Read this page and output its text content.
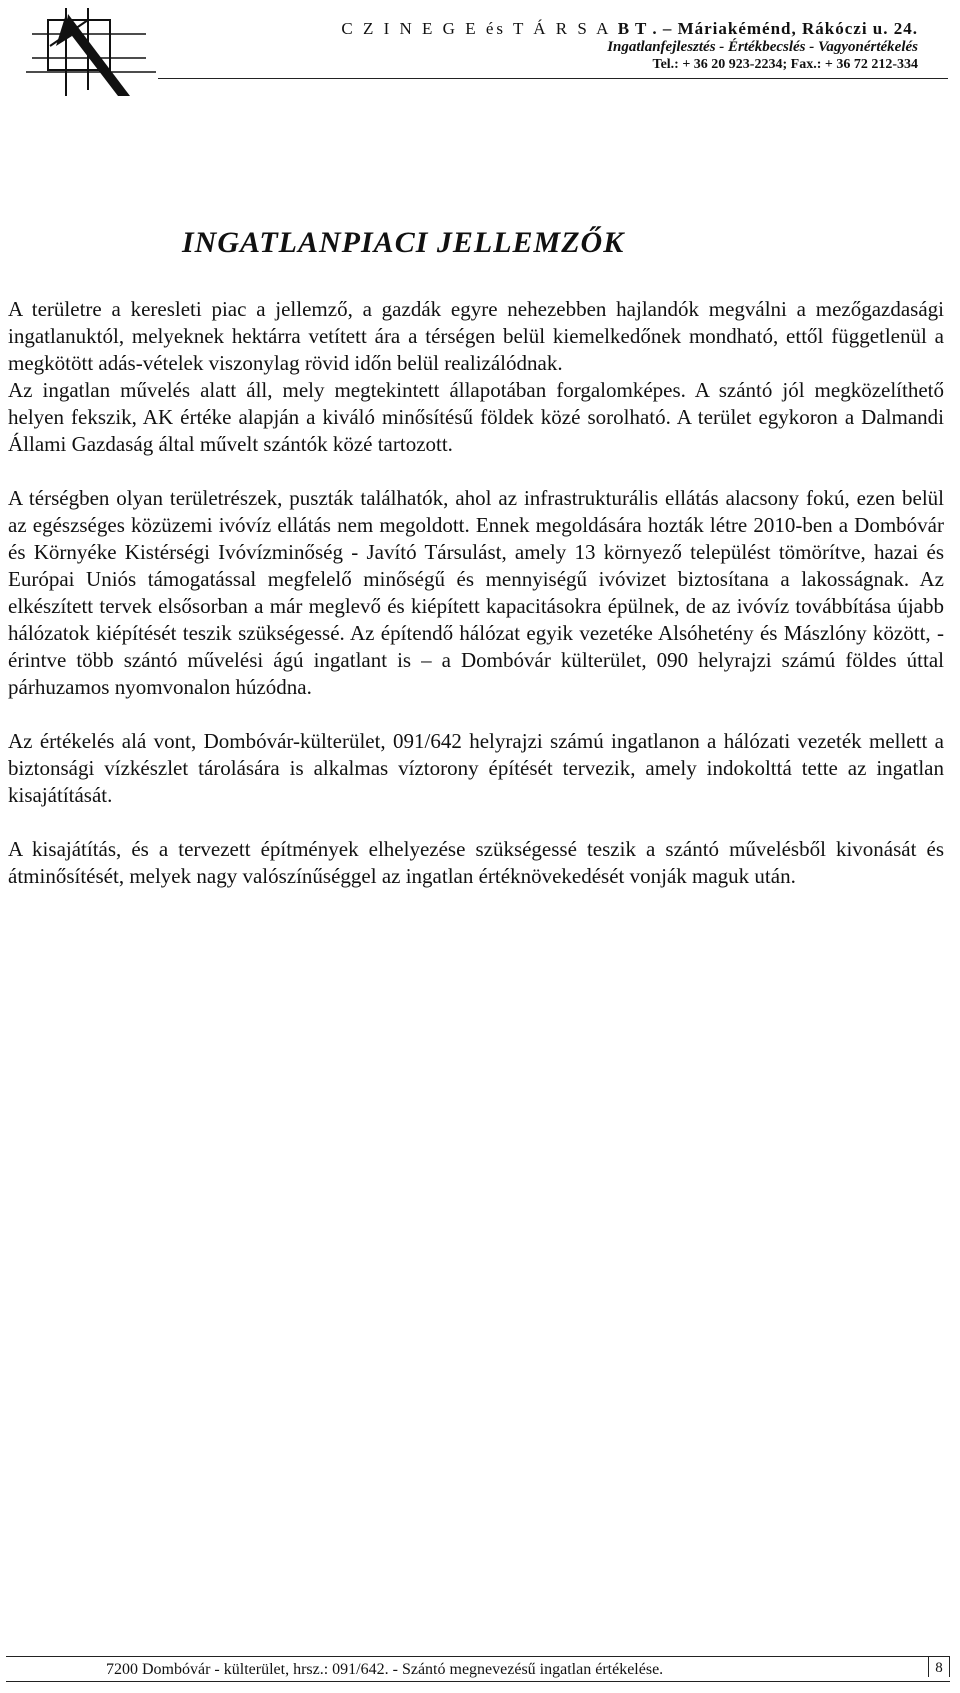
C Z I N E G E és T Á R S A B T . – Máriakéménd, Rákóczi u. 24.
Ingatlanfejlesztés - Értékbecslés - Vagyonértékelés
Tel.: + 36 20 923-2234; Fax.: + 36 72 212-334
INGATLANPIACI JELLEMZŐK

A területre a keresleti piac a jellemző, a gazdák egyre nehezebben hajlandók megválni a mezőgazdasági ingatlanuktól, melyeknek hektárra vetített ára a térségen belül kiemelkedőnek mondható, ettől függetlenül a megkötött adás-vételek viszonylag rövid időn belül realizálódnak.

Az ingatlan művelés alatt áll, mely megtekintett állapotában forgalomképes. A szántó jól megközelíthető helyen fekszik, AK értéke alapján a kiváló minősítésű földek közé sorolható. A terület egykoron a Dalmandi Állami Gazdaság által művelt szántók közé tartozott.

A térségben olyan területrészek, puszták találhatók, ahol az infrastrukturális ellátás alacsony fokú, ezen belül az egészséges közüzemi ivóvíz ellátás nem megoldott. Ennek megoldására hozták létre 2010-ben a Dombóvár és Környéke Kistérségi Ivóvízminőség - Javító Társulást, amely 13 környező települést tömörítve, hazai és Európai Uniós támogatással megfelelő minőségű és mennyiségű ivóvizet biztosítana a lakosságnak. Az elkészített tervek elsősorban a már meglevő és kiépített kapacitásokra épülnek, de az ivóvíz továbbítása újabb hálózatok kiépítését teszik szükségessé. Az építendő hálózat egyik vezetéke Alsóhetény és Mászlóny között, - érintve több szántó művelési ágú ingatlant is – a Dombóvár külterület, 090 helyrajzi számú földes úttal párhuzamos nyomvonalon húzódna.

Az értékelés alá vont, Dombóvár-külterület, 091/642 helyrajzi számú ingatlanon a hálózati vezeték mellett a biztonsági vízkészlet tárolására is alkalmas víztorony építését tervezik, amely indokolttá tette az ingatlan kisajátítását.

A kisajátítás, és a tervezett építmények elhelyezése szükségessé teszik a szántó művelésből kivonását és átminősítését, melyek nagy valószínűséggel az ingatlan értéknövekedését vonják maguk után.

7200 Dombóvár - külterület, hrsz.: 091/642. - Szántó megnevezésű ingatlan értékelése.	8
